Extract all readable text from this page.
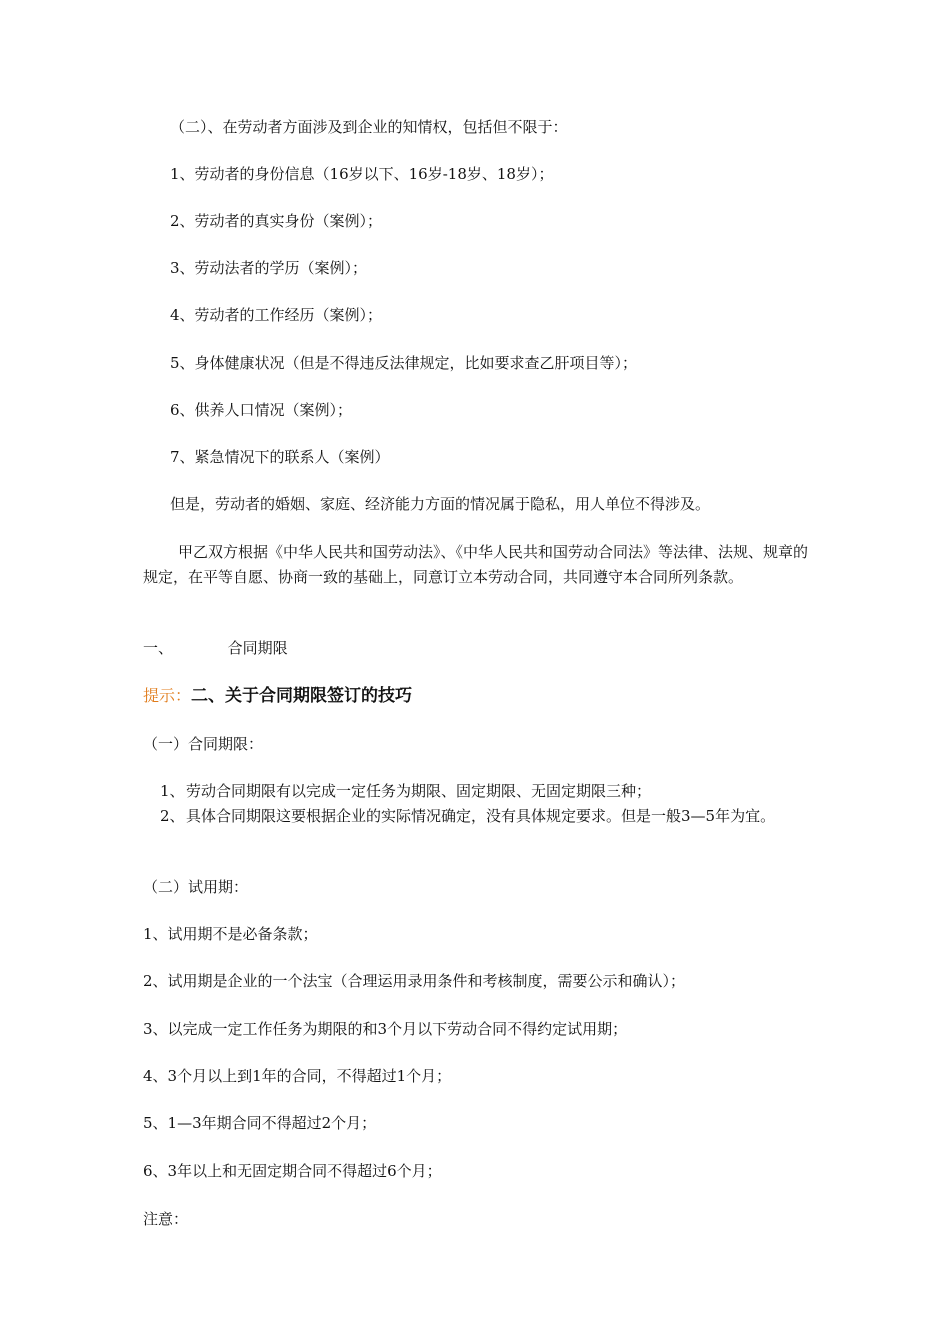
（二）、在劳动者方面涉及到企业的知情权，包括但不限于：
1、劳动者的身份信息（16岁以下、16岁-18岁、18岁）；
2、劳动者的真实身份（案例）；
3、劳动法者的学历（案例）；
4、劳动者的工作经历（案例）；
5、身体健康状况（但是不得违反法律规定，比如要求查乙肝项目等）；
6、供养人口情况（案例）；
7、紧急情况下的联系人（案例）
但是，劳动者的婚姻、家庭、经济能力方面的情况属于隐私，用人单位不得涉及。
甲乙双方根据《中华人民共和国劳动法》、《中华人民共和国劳动合同法》等法律、法规、规章的规定，在平等自愿、协商一致的基础上，同意订立本劳动合同，共同遵守本合同所列条款。
一、	合同期限
提示：二、关于合同期限签订的技巧
（一）合同期限：
1、 劳动合同期限有以完成一定任务为期限、固定期限、无固定期限三种；
2、 具体合同期限这要根据企业的实际情况确定，没有具体规定要求。但是一般3—5年为宜。
（二）试用期：
1、试用期不是必备条款；
2、试用期是企业的一个法宝（合理运用录用条件和考核制度，需要公示和确认）；
3、以完成一定工作任务为期限的和3个月以下劳动合同不得约定试用期；
4、3个月以上到1年的合同，不得超过1个月；
5、1—3年期合同不得超过2个月；
6、3年以上和无固定期合同不得超过6个月；
注意：
